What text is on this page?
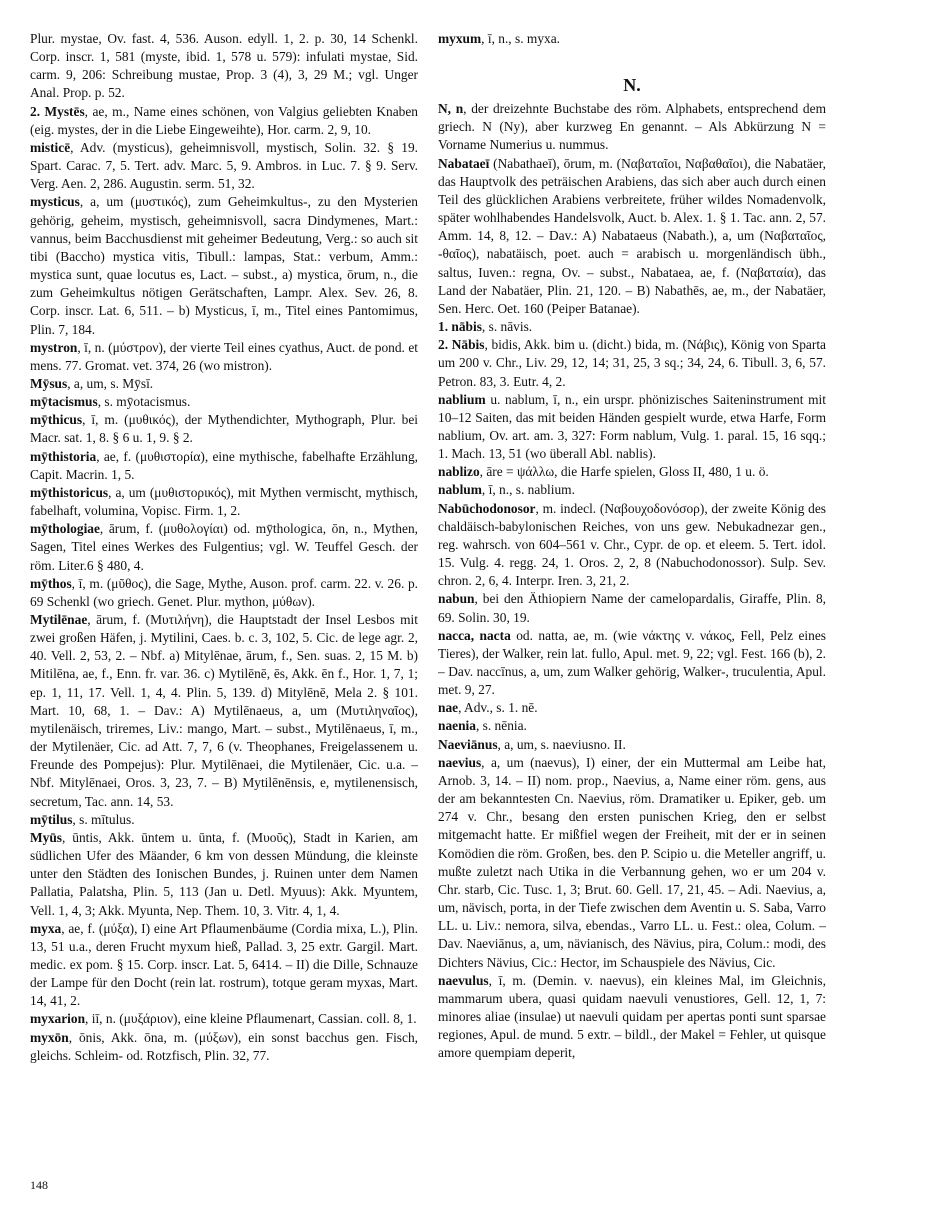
Plur. mystae, Ov. fast. 4, 536. Auson. edyll. 1, 2. p. 30, 14 Schenkl. Corp. inscr. 1, 581 (myste, ibid. 1, 578 u. 579): infulati mystae, Sid. carm. 9, 206: Schreibung mustae, Prop. 3 (4), 3, 29 M.; vgl. Unger Anal. Prop. p. 52.

2. Mystēs, ae, m., Name eines schönen, von Valgius geliebten Knaben (eig. mystes, der in die Liebe Eingeweihte), Hor. carm. 2, 9, 10.

misticē, Adv. (mysticus), geheimnisvoll, mystisch, Solin. 32. § 19. Spart. Carac. 7, 5. Tert. adv. Marc. 5, 9. Ambros. in Luc. 7. § 9. Serv. Verg. Aen. 2, 286. Augustin. serm. 51, 32.

mysticus, a, um (μυστικός), zum Geheimkultus-, zu den Mysterien gehörig, geheim, mystisch, geheimnisvoll, sacra Dindymenes, Mart.: vannus, beim Bacchusdienst mit geheimer Bedeutung, Verg.: so auch sit tibi (Baccho) mystica vitis, Tibull.: lampas, Stat.: verbum, Amm.: mystica sunt, quae locutus es, Lact. – subst., a) mystica, ōrum, n., die zum Geheimkultus nötigen Gerätschaften, Lampr. Alex. Sev. 26, 8. Corp. inscr. Lat. 6, 511. – b) Mysticus, ī, m., Titel eines Pantomimus, Plin. 7, 184.

mystron, ī, n. (μύστρον), der vierte Teil eines cyathus, Auct. de pond. et mens. 77. Gromat. vet. 374, 26 (wo mistron).

Mȳsus, a, um, s. Mȳsī.

mȳtacismus, s. mȳotacismus.

mȳthicus, ī, m. (μυθικός), der Mythendichter, Mythograph, Plur. bei Macr. sat. 1, 8. § 6 u. 1, 9. § 2.

mȳthistoria, ae, f. (μυθιστορία), eine mythische, fabelhafte Erzählung, Capit. Macrin. 1, 5.

mȳthistoricus, a, um (μυθιστορικός), mit Mythen vermischt, mythisch, fabelhaft, volumina, Vopisc. Firm. 1, 2.

mȳthologiae, ārum, f. (μυθολογίαι) od. mȳthologica, ōn, n., Mythen, Sagen, Titel eines Werkes des Fulgentius; vgl. W. Teuffel Gesch. der röm. Liter.6 § 480, 4.

mȳthos, ī, m. (μῦθος), die Sage, Mythe, Auson. prof. carm. 22. v. 26. p. 69 Schenkl (wo griech. Genet. Plur. mython, μύθων).

Mytilēnae, ārum, f. (Μυτιλήνη), die Hauptstadt der Insel Lesbos mit zwei großen Häfen, j. Mytilini, Caes. b. c. 3, 102, 5. Cic. de lege agr. 2, 40. Vell. 2, 53, 2. – Nbf. a) Mitylēnae, ārum, f., Sen. suas. 2, 15 M. b) Mitilēna, ae, f., Enn. fr. var. 36. c) Mytilēnē, ēs, Akk. ēn f., Hor. 1, 7, 1; ep. 1, 11, 17. Vell. 1, 4, 4. Plin. 5, 139. d) Mitylēnē, Mela 2. § 101. Mart. 10, 68, 1. – Dav.: A) Mytilēnaeus, a, um (Μυτιληναῖος), mytilenäisch, triremes, Liv.: mango, Mart. – subst., Mytilēnaeus, ī, m., der Mytilenäer, Cic. ad Att. 7, 7, 6 (v. Theophanes, Freigelassenem u. Freunde des Pompejus): Plur. Mytilēnaei, die Mytilenäer, Cic. u.a. – Nbf. Mitylēnaei, Oros. 3, 23, 7. – B) Mytilēnēnsis, e, mytilenensisch, secretum, Tac. ann. 14, 53.

mȳtilus, s. mītulus.

Myūs, ūntis, Akk. ūntem u. ūnta, f. (Μυοῦς), Stadt in Karien, am südlichen Ufer des Mäander, 6 km von dessen Mündung, die kleinste unter den Städten des Ionischen Bundes, j. Ruinen unter dem Namen Pallatia, Palatsha, Plin. 5, 113 (Jan u. Detl. Myuus): Akk. Myuntem, Vell. 1, 4, 3; Akk. Myunta, Nep. Them. 10, 3. Vitr. 4, 1, 4.

myxa, ae, f. (μύξα), I) eine Art Pflaumenbäume (Cordia mixa, L.), Plin. 13, 51 u.a., deren Frucht myxum hieß, Pallad. 3, 25 extr. Gargil. Mart. medic. ex pom. § 15. Corp. inscr. Lat. 5, 6414. – II) die Dille, Schnauze der Lampe für den Docht (rein lat. rostrum), totque geram myxas, Mart. 14, 41, 2.

myxarion, iī, n. (μυξάριον), eine kleine Pflaumenart, Cassian. coll. 8, 1.

myxōn, ōnis, Akk. ōna, m. (μύξων), ein sonst bacchus gen. Fisch, gleichs. Schleim- od. Rotzfisch, Plin. 32, 77.

myxum, ī, n., s. myxa.

N.

N, n, der dreizehnte Buchstabe des röm. Alphabets, entsprechend dem griech. N (Ny), aber kurzweg En genannt. – Als Abkürzung N = Vorname Numerius u. nummus.

Nabataeī (Nabathaeī), ōrum, m. (Ναβαταῖοι, Ναβαθαῖοι), die Nabatäer, das Hauptvolk des peträischen Arabiens, das sich aber auch durch einen Teil des glücklichen Arabiens verbreitete, früher wildes Nomadenvolk, später wohlhabendes Handelsvolk, Auct. b. Alex. 1. § 1. Tac. ann. 2, 57. Amm. 14, 8, 12. – Dav.: A) Nabataeus (Nabath.), a, um (Ναβαταῖος, -θαῖος), nabatäisch, poet. auch = arabisch u. morgenländisch übh., saltus, Iuven.: regna, Ov. – subst., Nabataea, ae, f. (Ναβαταία), das Land der Nabatäer, Plin. 21, 120. – B) Nabathēs, ae, m., der Nabatäer, Sen. Herc. Oet. 160 (Peiper Batanae).

1. nābis, s. nāvis.

2. Nābis, bidis, Akk. bim u. (dicht.) bida, m. (Νάβις), König von Sparta um 200 v. Chr., Liv. 29, 12, 14; 31, 25, 3 sq.; 34, 24, 6. Tibull. 3, 6, 57. Petron. 83, 3. Eutr. 4, 2.

nablium u. nablum, ī, n., ein urspr. phönizisches Saiteninstrument mit 10–12 Saiten, das mit beiden Händen gespielt wurde, etwa Harfe, Form nablium, Ov. art. am. 3, 327: Form nablum, Vulg. 1. paral. 15, 16 sqq.; 1. Mach. 13, 51 (wo überall Abl. nablis).

nablizo, āre = ψάλλω, die Harfe spielen, Gloss II, 480, 1 u. ö.

nablum, ī, n., s. nablium.

Nabūchodonosor, m. indecl. (Ναβουχοδονόσορ), der zweite König des chaldäisch-babylonischen Reiches, von uns gew. Nebukadnezar gen., reg. wahrsch. von 604–561 v. Chr., Cypr. de op. et eleem. 5. Tert. idol. 15. Vulg. 4. regg. 24, 1. Oros. 2, 2, 8 (Nabuchodonossor). Sulp. Sev. chron. 2, 6, 4. Interpr. Iren. 3, 21, 2.

nabun, bei den Äthiopiern Name der camelopardalis, Giraffe, Plin. 8, 69. Solin. 30, 19.

nacca, nacta od. natta, ae, m. (wie νάκτης v. νάκος, Fell, Pelz eines Tieres), der Walker, rein lat. fullo, Apul. met. 9, 22; vgl. Fest. 166 (b), 2. – Dav. naccīnus, a, um, zum Walker gehörig, Walker-, truculentia, Apul. met. 9, 27.

nae, Adv., s. 1. nē.

naenia, s. nēnia.

Naeviānus, a, um, s. naeviusno. II.

naevius, a, um (naevus), I) einer, der ein Muttermal am Leibe hat, Arnob. 3, 14. – II) nom. prop., Naevius, a, Name einer röm. gens, aus der am bekanntesten Cn. Naevius, röm. Dramatiker u. Epiker, geb. um 274 v. Chr., besang den ersten punischen Krieg, den er selbst mitgemacht hatte. Er mißfiel wegen der Freiheit, mit der er in seinen Komödien die röm. Großen, bes. den P. Scipio u. die Meteller angriff, u. mußte zuletzt nach Utika in die Verbannung gehen, wo er um 204 v. Chr. starb, Cic. Tusc. 1, 3; Brut. 60. Gell. 17, 21, 45. – Adi. Naevius, a, um, nävisch, porta, in der Tiefe zwischen dem Aventin u. S. Saba, Varro LL. u. Liv.: nemora, silva, ebendas., Varro LL. u. Fest.: olea, Colum. – Dav. Naeviānus, a, um, nävianisch, des Nävius, pira, Colum.: modi, des Dichters Nävius, Cic.: Hector, im Schauspiele des Nävius, Cic.

naevulus, ī, m. (Demin. v. naevus), ein kleines Mal, im Gleichnis, mammarum ubera, quasi quidam naevuli venustiores, Gell. 12, 1, 7: minores aliae (insulae) ut naevuli quidam per apertas ponti sunt sparsae regiones, Apul. de mund. 5 extr. – bildl., der Makel = Fehler, ut quisque amore quempiam deperit,

148
